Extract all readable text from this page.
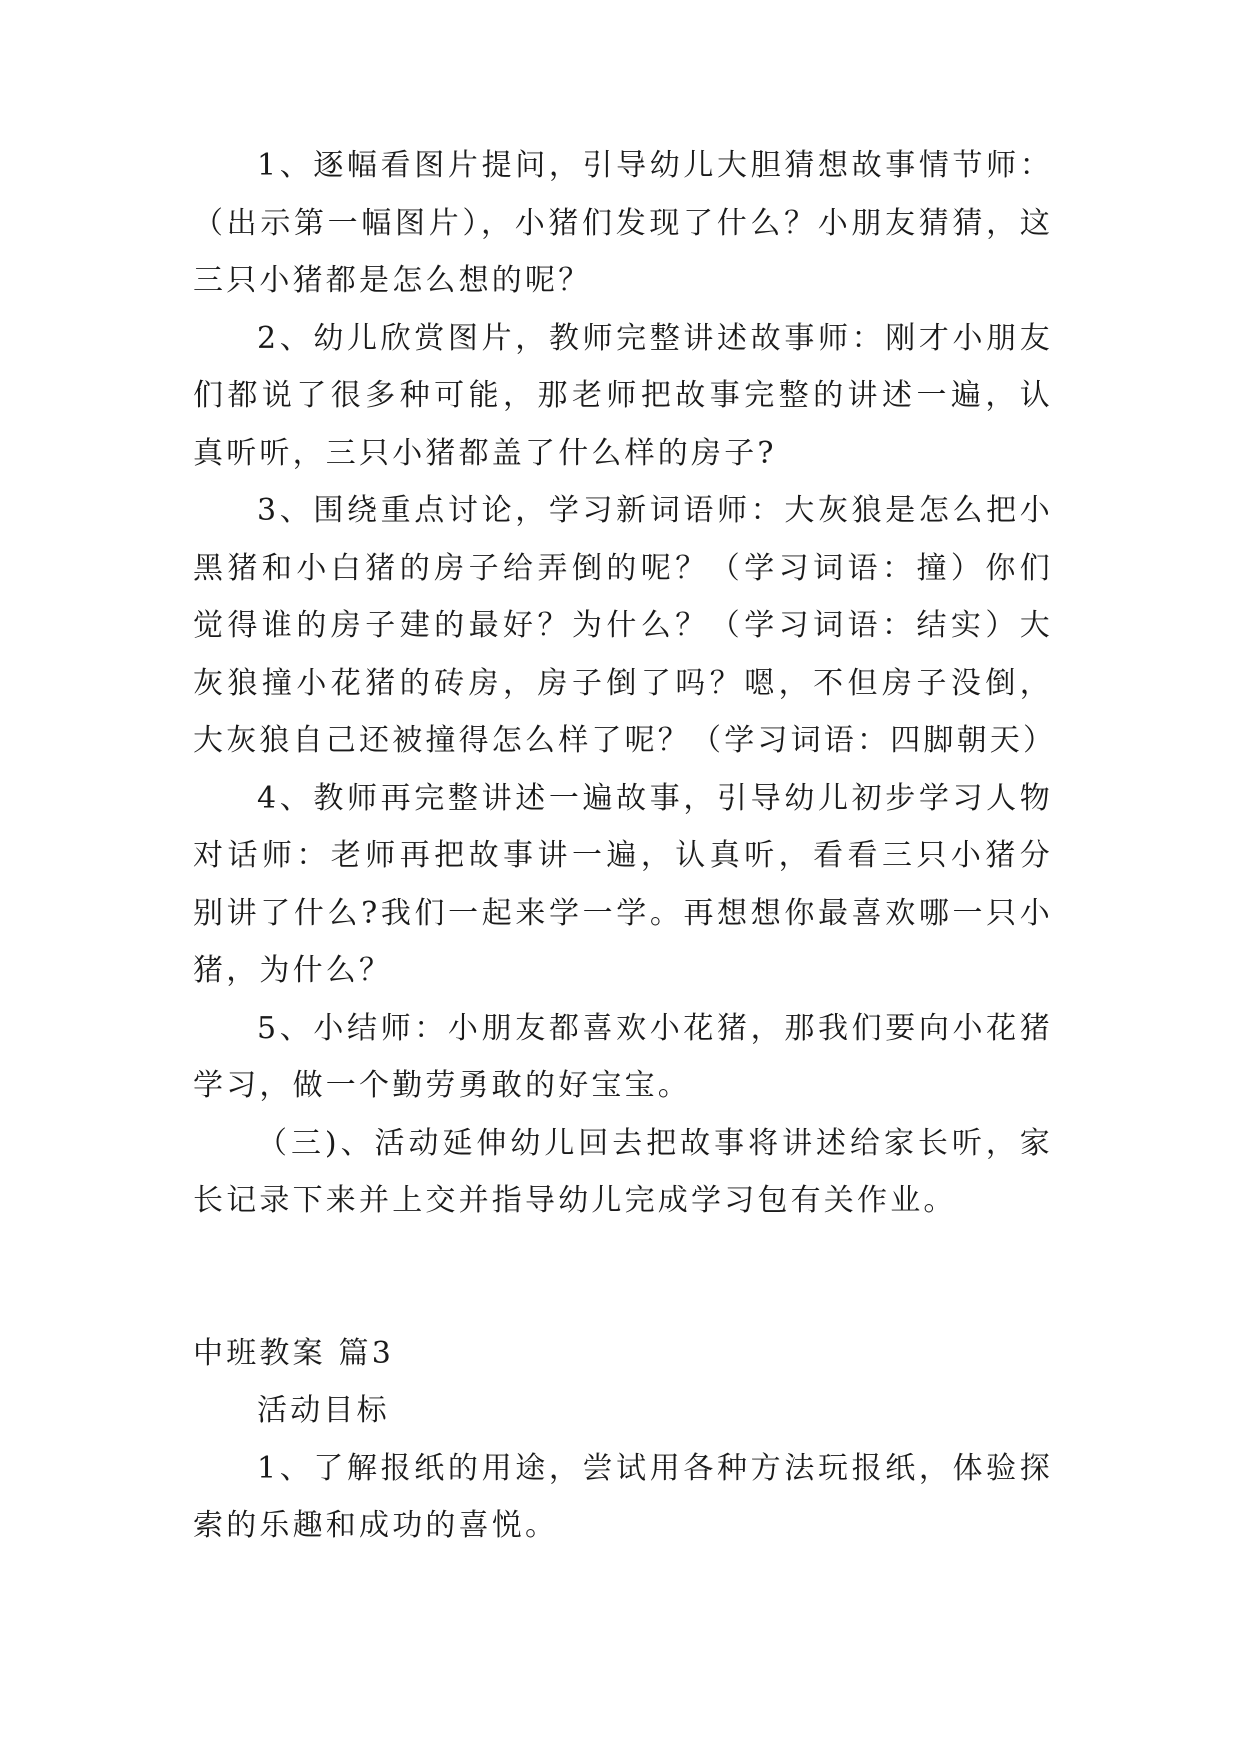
1、逐幅看图片提问，引导幼儿大胆猜想故事情节师：（出示第一幅图片），小猪们发现了什么？小朋友猜猜，这三只小猪都是怎么想的呢？

2、幼儿欣赏图片，教师完整讲述故事师：刚才小朋友们都说了很多种可能，那老师把故事完整的讲述一遍，认真听听，三只小猪都盖了什么样的房子?

3、围绕重点讨论，学习新词语师：大灰狼是怎么把小黑猪和小白猪的房子给弄倒的呢？（学习词语：撞）你们觉得谁的房子建的最好？为什么？（学习词语：结实）大灰狼撞小花猪的砖房，房子倒了吗？嗯，不但房子没倒，大灰狼自己还被撞得怎么样了呢？（学习词语：四脚朝天）

4、教师再完整讲述一遍故事，引导幼儿初步学习人物对话师：老师再把故事讲一遍，认真听，看看三只小猪分别讲了什么?我们一起来学一学。再想想你最喜欢哪一只小猪，为什么？

5、小结师：小朋友都喜欢小花猪，那我们要向小花猪学习，做一个勤劳勇敢的好宝宝。

（三)、活动延伸幼儿回去把故事将讲述给家长听，家长记录下来并上交并指导幼儿完成学习包有关作业。

中班教案 篇3

活动目标

1、了解报纸的用途，尝试用各种方法玩报纸，体验探索的乐趣和成功的喜悦。
